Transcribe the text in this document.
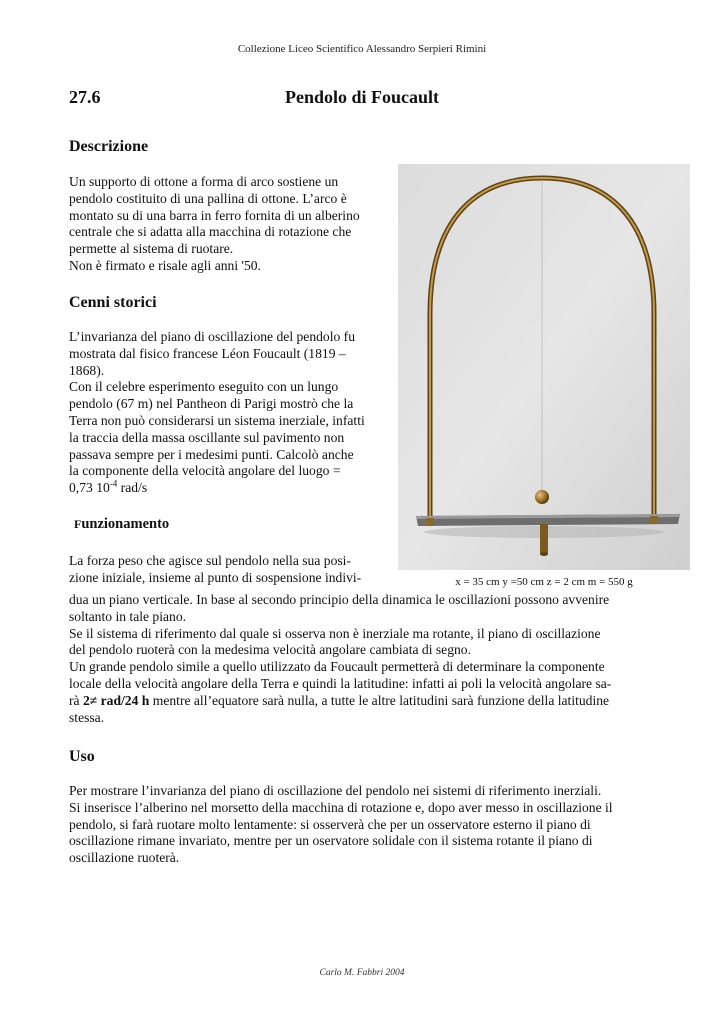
Collezione Liceo Scientifico Alessandro Serpieri Rimini
27.6	Pendolo di Foucault
Descrizione

Un supporto di ottone a forma di arco sostiene un

pendolo costituito di una pallina di ottone. L’arco è

montato su di una barra in ferro fornita di un alberino

centrale che si adatta alla macchina di rotazione che

permette al sistema di ruotare.

Non è firmato e risale agli anni '50.

Cenni storici

L’invarianza del piano di oscillazione del pendolo fu

mostrata dal fisico francese Léon Foucault (1819 –

1868).

Con il celebre esperimento eseguito con un lungo

pendolo (67 m) nel Pantheon di Parigi mostrò che la

Terra non può considerarsi un sistema inerziale, infatti

la traccia della massa oscillante sul pavimento non

passava sempre per i medesimi punti. Calcolò anche

la componente della velocità angolare del luogo =

0,73 $10^{-4}$ rad/s

Funzionamento

La forza peso che agisce sul pendolo nella sua posi-

zione iniziale, insieme al punto di sospensione indivi-

dua un piano verticale. In base al secondo principio della dinamica le oscillazioni possono avvenire

soltanto in tale piano.

Se il sistema di riferimento dal quale si osserva non è inerziale ma rotante, il piano di oscillazione

del pendolo ruoterà con la medesima velocità angolare cambiata di segno.

Un grande pendolo simile a quello utilizzato da Foucault permetterà di determinare la componente

locale della velocità angolare della Terra e quindi la latitudine: infatti ai poli la velocità angolare sa-

rà 2≠ rad/24 h mentre all’equatore sarà nulla, a tutte le altre latitudini sarà funzione della latitudine

stessa.

Uso

Per mostrare l’invarianza del piano di oscillazione del pendolo nei sistemi di riferimento inerziali.

Si inserisce l’alberino nel morsetto della macchina di rotazione e, dopo aver messo in oscillazione il

pendolo, si farà ruotare molto lentamente: si osserverà che per un osservatore esterno il piano di

oscillazione rimane invariato, mentre per un oservatore solidale con il sistema rotante il piano di

oscillazione ruoterà.

x = 35 cm y =50 cm z = 2 cm m = 550 g
Carlo M. Fabbri 2004
